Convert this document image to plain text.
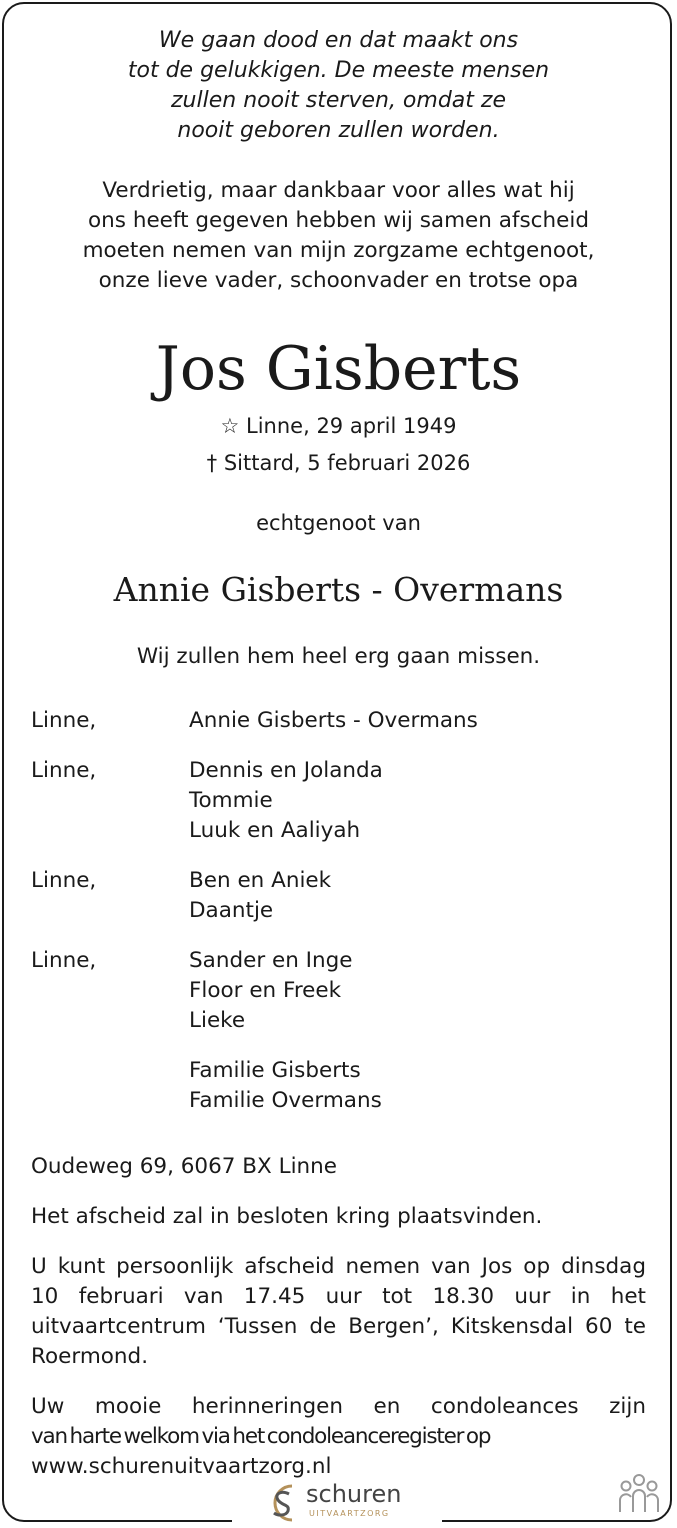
We gaan dood en dat maakt ons
tot de gelukkigen. De meeste mensen
zullen nooit sterven, omdat ze
nooit geboren zullen worden.
Verdrietig, maar dankbaar voor alles wat hij
ons heeft gegeven hebben wij samen afscheid
moeten nemen van mijn zorgzame echtgenoot,
onze lieve vader, schoonvader en trotse opa
Jos Gisberts
☆ Linne, 29 april 1949
† Sittard, 5 februari 2026
echtgenoot van
Annie Gisberts - Overmans
Wij zullen hem heel erg gaan missen.
Linne,	Annie Gisberts - Overmans
Linne,	Dennis en Jolanda
Tommie
Luuk en Aaliyah
Linne,	Ben en Aniek
Daantje
Linne,	Sander en Inge
Floor en Freek
Lieke
Familie Gisberts
Familie Overmans
Oudeweg 69, 6067 BX Linne
Het afscheid zal in besloten kring plaatsvinden.
U kunt persoonlijk afscheid nemen van Jos op dinsdag 10 februari van 17.45 uur tot 18.30 uur in het uitvaartcentrum ‘Tussen de Bergen’, Kitskensdal 60 te Roermond.
Uw mooie herinneringen en condoleances zijn
van harte welkom via het condoleanceregister op
www.schurenuitvaartzorg.nl
schuren
UITVAARTZORG
